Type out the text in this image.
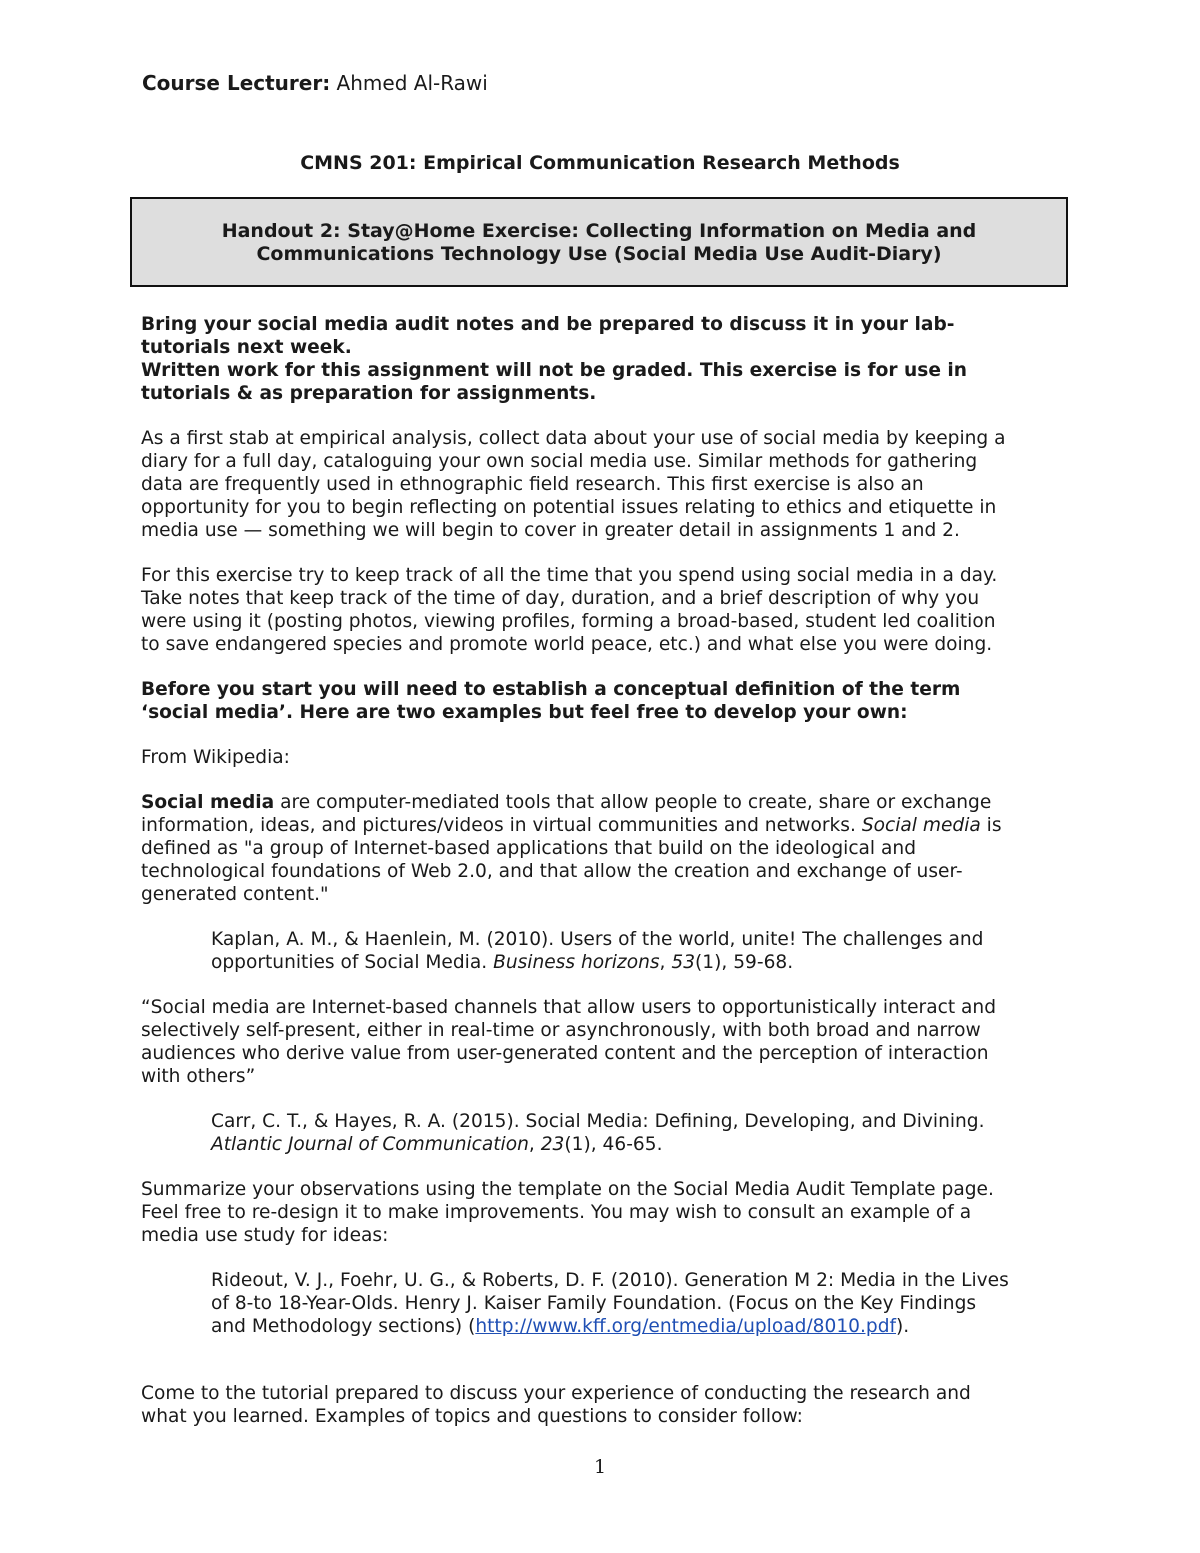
Course Lecturer: Ahmed Al-Rawi
CMNS 201: Empirical Communication Research Methods
Handout 2: Stay@Home Exercise: Collecting Information on Media and
Communications Technology Use (Social Media Use Audit-Diary)

Bring your social media audit notes and be prepared to discuss it in your lab-

tutorials next week.

Written work for this assignment will not be graded. This exercise is for use in

tutorials & as preparation for assignments.

As a first stab at empirical analysis, collect data about your use of social media by keeping a

diary for a full day, cataloguing your own social media use. Similar methods for gathering

data are frequently used in ethnographic field research. This first exercise is also an

opportunity for you to begin reflecting on potential issues relating to ethics and etiquette in

media use — something we will begin to cover in greater detail in assignments 1 and 2.

For this exercise try to keep track of all the time that you spend using social media in a day.

Take notes that keep track of the time of day, duration, and a brief description of why you

were using it (posting photos, viewing profiles, forming a broad-based, student led coalition

to save endangered species and promote world peace, etc.) and what else you were doing.

Before you start you will need to establish a conceptual definition of the term

‘social media’. Here are two examples but feel free to develop your own:

From Wikipedia:

Social media are computer-mediated tools that allow people to create, share or exchange

information, ideas, and pictures/videos in virtual communities and networks. Social media is

defined as "a group of Internet-based applications that build on the ideological and

technological foundations of Web 2.0, and that allow the creation and exchange of user-

generated content."

Kaplan, A. M., & Haenlein, M. (2010). Users of the world, unite! The challenges and

opportunities of Social Media. Business horizons, 53(1), 59-68.

“Social media are Internet-based channels that allow users to opportunistically interact and

selectively self-present, either in real-time or asynchronously, with both broad and narrow

audiences who derive value from user-generated content and the perception of interaction

with others”

Carr, C. T., & Hayes, R. A. (2015). Social Media: Defining, Developing, and Divining.

Atlantic Journal of Communication, 23(1), 46-65.

Summarize your observations using the template on the Social Media Audit Template page.

Feel free to re-design it to make improvements. You may wish to consult an example of a

media use study for ideas:

Rideout, V. J., Foehr, U. G., & Roberts, D. F. (2010). Generation M 2: Media in the Lives

of 8-to 18-Year-Olds. Henry J. Kaiser Family Foundation. (Focus on the Key Findings

and Methodology sections) (http://www.kff.org/entmedia/upload/8010.pdf).

Come to the tutorial prepared to discuss your experience of conducting the research and

what you learned. Examples of topics and questions to consider follow:

1
